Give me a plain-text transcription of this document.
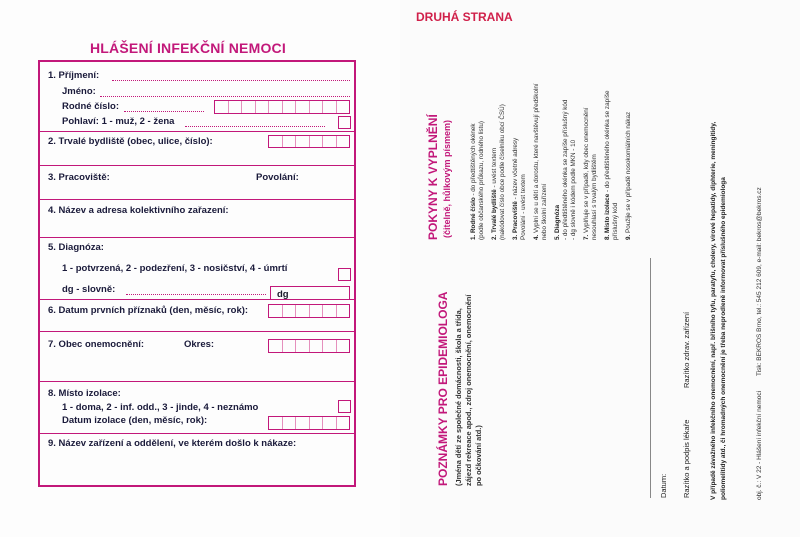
HLÁŠENÍ INFEKČNÍ NEMOCI
1. Příjmení:
Jméno:
Rodné číslo:
Pohlaví: 1 - muž, 2 - žena
2. Trvalé bydliště (obec, ulice, číslo):
3. Pracoviště:	Povolání:
4. Název a adresa kolektivního zařazení:
5. Diagnóza:
1 - potvrzená, 2 - podezření, 3 - nosičství, 4 - úmrtí
dg - slovně:	dg
6. Datum prvních příznaků (den, měsíc, rok):
7. Obec onemocnění:	Okres:
8. Místo izolace:
1 - doma, 2 - inf. odd., 3 - jinde, 4 - neznámo
Datum izolace (den, měsíc, rok):
9. Název zařízení a oddělení, ve kterém došlo k nákaze:
DRUHÁ STRANA
POKYNY K VYPLNĚNÍ (čitelně, hůlkovým písmem)	1. Rodné číslo - do předtištěných okének (podle občanského průkazu, rodného listu) 2. Trvalé bydliště - uvést textem (nakódovat číslo obce podle číselníku obcí ČSÚ) 3. Pracoviště - název včetně adresy
Povolání - uvést textem 4. Vyplní se u dětí a dorostu, které navštěvují předškolní nebo školní zařízení 5. Diagnóza - do předtištěného okénka se zapíše příslušný kód - dg slovně i kódem podle MKN - 10 7. Vyplňuje se v případě, kdy obec onemocnění nesouhlasí s trvalým bydlištěm 8. Místo izolace - do předtištěného okénka se zapíše
příslušný kód 9. Použije se v případě nosokomiálních nákaz
POZNÁMKY PRO EPIDEMIOLOGA (Jména dětí ze společné domácnosti, škola a třída, zájezd rekreace apod., zdroj onemocnění, onemocnění po očkování atd.)	Datum: Razítko a podpis lékaře
Razítko zdrav. zařízení	V případě závažného infekčního onemocnění, např. břišního tyfu, paratyfu, cholery, virové hepatidy, diphterie, meningitidy, poliomelitidy atd., či hromadných onemocnění je třeba neprodleně informovat příslušného epidemiologa	obj. č.: V 22 - Hlášení infekční nemoci
Tisk: BEKROS Brno, tel.: 545 212 609, e-mail: bekros@bekros.cz
